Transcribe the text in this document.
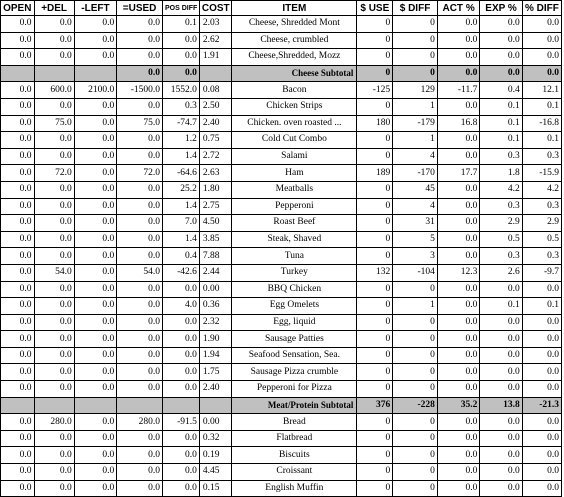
OPEN	+DEL	-LEFT	=USED	POS DIFF	COST	ITEM	$ USE	$ DIFF	ACT %	EXP %	% DIFF
0.0	0.0	0.0	0.0	0.1	2.03	Cheese, Shredded Mont	0	0	0.0	0.0	0.0
0.0	0.0	0.0	0.0	0.0	2.62	Cheese, crumbled	0	0	0.0	0.0	0.0
0.0	0.0	0.0	0.0	0.0	1.91	Cheese,Shredded, Mozz	0	0	0.0	0.0	0.0
			0.0	0.0		Cheese Subtotal	0	0	0.0	0.0	0.0
0.0	600.0	2100.0	-1500.0	1552.0	0.08	Bacon	-125	129	-11.7	0.4	12.1
0.0	0.0	0.0	0.0	0.3	2.50	Chicken Strips	0	1	0.0	0.1	0.1
0.0	75.0	0.0	75.0	-74.7	2.40	Chicken. oven roasted ...	180	-179	16.8	0.1	-16.8
0.0	0.0	0.0	0.0	1.2	0.75	Cold Cut Combo	0	1	0.0	0.1	0.1
0.0	0.0	0.0	0.0	1.4	2.72	Salami	0	4	0.0	0.3	0.3
0.0	72.0	0.0	72.0	-64.6	2.63	Ham	189	-170	17.7	1.8	-15.9
0.0	0.0	0.0	0.0	25.2	1.80	Meatballs	0	45	0.0	4.2	4.2
0.0	0.0	0.0	0.0	1.4	2.75	Pepperoni	0	4	0.0	0.3	0.3
0.0	0.0	0.0	0.0	7.0	4.50	Roast Beef	0	31	0.0	2.9	2.9
0.0	0.0	0.0	0.0	1.4	3.85	Steak, Shaved	0	5	0.0	0.5	0.5
0.0	0.0	0.0	0.0	0.4	7.88	Tuna	0	3	0.0	0.3	0.3
0.0	54.0	0.0	54.0	-42.6	2.44	Turkey	132	-104	12.3	2.6	-9.7
0.0	0.0	0.0	0.0	0.0	0.00	BBQ Chicken	0	0	0.0	0.0	0.0
0.0	0.0	0.0	0.0	4.0	0.36	Egg Omelets	0	1	0.0	0.1	0.1
0.0	0.0	0.0	0.0	0.0	2.32	Egg, liquid	0	0	0.0	0.0	0.0
0.0	0.0	0.0	0.0	0.0	1.90	Sausage Patties	0	0	0.0	0.0	0.0
0.0	0.0	0.0	0.0	0.0	1.94	Seafood Sensation, Sea.	0	0	0.0	0.0	0.0
0.0	0.0	0.0	0.0	0.0	1.75	Sausage Pizza crumble	0	0	0.0	0.0	0.0
0.0	0.0	0.0	0.0	0.0	2.40	Pepperoni for Pizza	0	0	0.0	0.0	0.0
						Meat/Protein Subtotal	376	-228	35.2	13.8	-21.3
0.0	280.0	0.0	280.0	-91.5	0.00	Bread	0	0	0.0	0.0	0.0
0.0	0.0	0.0	0.0	0.0	0.32	Flatbread	0	0	0.0	0.0	0.0
0.0	0.0	0.0	0.0	0.0	0.19	Biscuits	0	0	0.0	0.0	0.0
0.0	0.0	0.0	0.0	0.0	4.45	Croissant	0	0	0.0	0.0	0.0
0.0	0.0	0.0	0.0	0.0	0.15	English Muffin	0	0	0.0	0.0	0.0
